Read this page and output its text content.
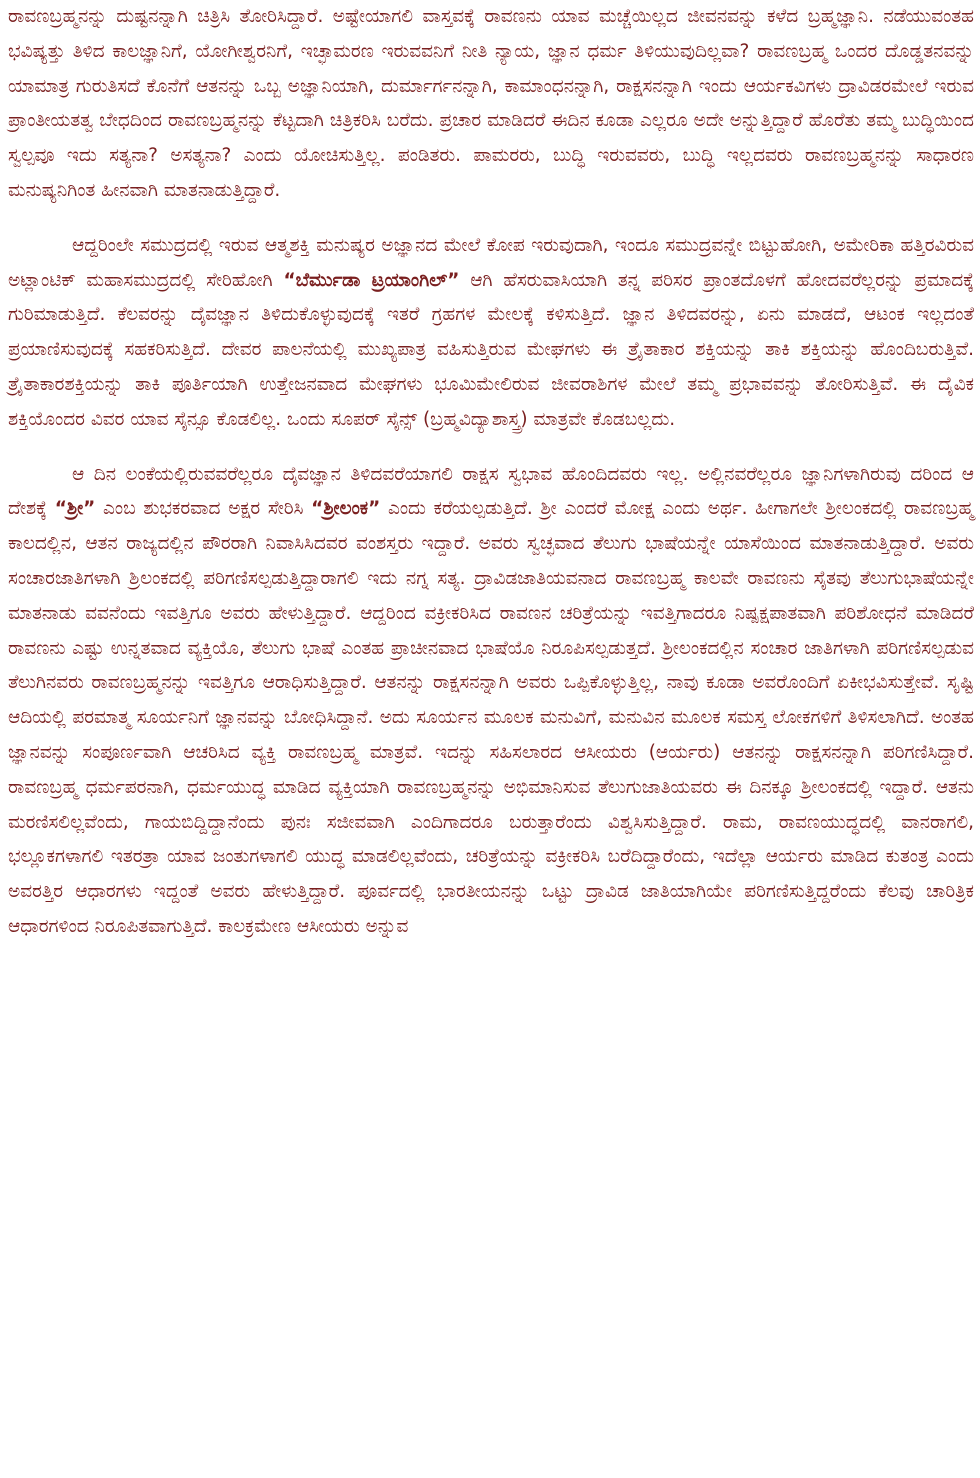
ರಾವಣಬ್ರಹ್ಮನನ್ನು ದುಷ್ಟನನ್ನಾಗಿ ಚಿತ್ರಿಸಿ ತೋರಿಸಿದ್ದಾರೆ. ಅಷ್ಟೇಯಾಗಲಿ ವಾಸ್ತವಕ್ಕೆ ರಾವಣನು ಯಾವ ಮಚ್ಚೆಯಿಲ್ಲದ ಜೀವನವನ್ನು ಕಳೆದ ಬ್ರಹ್ಮಜ್ಞಾನಿ. ನಡೆಯುವಂತಹ ಭವಿಷ್ಯತ್ತು ತಿಳಿದ ಕಾಲಜ್ಞಾನಿಗೆ, ಯೋಗೀಶ್ವರನಿಗೆ, ಇಚ್ಛಾಮರಣ ಇರುವವನಿಗೆ ನೀತಿ ನ್ಯಾಯ, ಜ್ಞಾನ ಧರ್ಮ ತಿಳಿಯುವುದಿಲ್ಲವಾ? ರಾವಣಬ್ರಹ್ಮ ಒಂದರ ದೊಡ್ಡತನವನ್ನು ಯಾಮಾತ್ರ ಗುರುತಿಸದೆ ಕೊನೆಗೆ ಆತನನ್ನು ಒಬ್ಬ ಅಜ್ಞಾನಿಯಾಗಿ, ದುರ್ಮಾರ್ಗನನ್ನಾಗಿ, ಕಾಮಾಂಧನನ್ನಾಗಿ, ರಾಕ್ಷಸನನ್ನಾಗಿ ಇಂದು ಆರ್ಯಕವಿಗಳು ದ್ರಾವಿಡರಮೇಲೆ ಇರುವ ಪ್ರಾಂತೀಯತತ್ವ ಬೇಧದಿಂದ ರಾವಣಬ್ರಹ್ಮನನ್ನು ಕೆಟ್ಟದಾಗಿ ಚಿತ್ರಿಕರಿಸಿ ಬರೆದು. ಪ್ರಚಾರ ಮಾಡಿದರೆ ಈದಿನ ಕೂಡಾ ಎಲ್ಲರೂ ಅದೇ ಅನ್ನುತ್ತಿದ್ದಾರೆ ಹೊರೆತು ತಮ್ಮ ಬುದ್ಧಿಯಿಂದ ಸ್ವಲ್ಪವೂ ಇದು ಸತ್ಯನಾ? ಅಸತ್ಯನಾ? ಎಂದು ಯೋಚಿಸುತ್ತಿಲ್ಲ. ಪಂಡಿತರು. ಪಾಮರರು, ಬುದ್ಧಿ ಇರುವವರು, ಬುದ್ಧಿ ಇಲ್ಲದವರು ರಾವಣಬ್ರಹ್ಮನನ್ನು ಸಾಧಾರಣ ಮನುಷ್ಯನಿಗಿಂತ ಹೀನವಾಗಿ ಮಾತನಾಡುತ್ತಿದ್ದಾರೆ.

ಆದ್ದರಿಂಲೇ ಸಮುದ್ರದಲ್ಲಿ ಇರುವ ಆತ್ಮಶಕ್ತಿ ಮನುಷ್ಯರ ಅಜ್ಞಾನದ ಮೇಲೆ ಕೋಪ ಇರುವುದಾಗಿ, ಇಂದೂ ಸಮುದ್ರವನ್ನೇ ಬಿಟ್ಟುಹೋಗಿ, ಅಮೇರಿಕಾ ಹತ್ತಿರವಿರುವ ಅಟ್ಲಾಂಟಿಕ್ ಮಹಾಸಮುದ್ರದಲ್ಲಿ ಸೇರಿಹೋಗಿ “ಬೆರ್ಮುಡಾ ಟ್ರಯಾಂಗಿಲ್” ಆಗಿ ಹೆಸರುವಾಸಿಯಾಗಿ ತನ್ನ ಪರಿಸರ ಪ್ರಾಂತದೊಳಗೆ ಹೋದವರೆಲ್ಲರನ್ನು ಪ್ರಮಾದಕ್ಕೆ ಗುರಿಮಾಡುತ್ತಿದೆ. ಕೆಲವರನ್ನು ದೈವಜ್ಞಾನ ತಿಳಿದುಕೊಳ್ಳುವುದಕ್ಕೆ ಇತರೆ ಗ್ರಹಗಳ ಮೇಲಕ್ಕೆ ಕಳಿಸುತ್ತಿದೆ. ಜ್ಞಾನ ತಿಳಿದವರನ್ನು, ಏನು ಮಾಡದೆ, ಆಟಂಕ ಇಲ್ಲದಂತೆ ಪ್ರಯಾಣಿಸುವುದಕ್ಕೆ ಸಹಕರಿಸುತ್ತಿದೆ. ದೇವರ ಪಾಲನೆಯಲ್ಲಿ ಮುಖ್ಯಪಾತ್ರ ವಹಿಸುತ್ತಿರುವ ಮೇಘಗಳು ಈ ತ್ರೈತಾಕಾರ ಶಕ್ತಿಯನ್ನು ತಾಕಿ ಶಕ್ತಿಯನ್ನು ಹೊಂದಿಬರುತ್ತಿವೆ. ತ್ರೈತಾಕಾರಶಕ್ತಿಯನ್ನು ತಾಕಿ ಪೂರ್ತಿಯಾಗಿ ಉತ್ತೇಜನವಾದ ಮೇಘಗಳು ಭೂಮಿಮೇಲಿರುವ ಜೀವರಾಶಿಗಳ ಮೇಲೆ ತಮ್ಮ ಪ್ರಭಾವವನ್ನು ತೋರಿಸುತ್ತಿವೆ. ಈ ದೈವಿಕ ಶಕ್ತಿಯೊಂದರ ವಿವರ ಯಾವ ಸೈನ್ಸೂ ಕೊಡಲಿಲ್ಲ. ಒಂದು ಸೂಪರ್ ಸೈನ್ಸ್ (ಬ್ರಹ್ಮವಿದ್ಯಾಶಾಸ್ತ್ರ) ಮಾತ್ರವೇ ಕೊಡಬಲ್ಲದು.

ಆ ದಿನ ಲಂಕೆಯಲ್ಲಿರುವವರೆಲ್ಲರೂ ದೈವಜ್ಞಾನ ತಿಳಿದವರೆಯಾಗಲಿ ರಾಕ್ಷಸ ಸ್ವಭಾವ ಹೊಂದಿದವರು ಇಲ್ಲ. ಅಲ್ಲಿನವರೆಲ್ಲರೂ ಜ್ಞಾನಿಗಳಾಗಿರುವು ದರಿಂದ ಆ ದೇಶಕ್ಕೆ “ಶ್ರೀ” ಎಂಬ ಶುಭಕರವಾದ ಅಕ್ಷರ ಸೇರಿಸಿ “ಶ್ರೀಲಂಕ” ಎಂದು ಕರೆಯಲ್ಪಡುತ್ತಿದೆ. ಶ್ರೀ ಎಂದರೆ ಮೋಕ್ಷ ಎಂದು ಅರ್ಥ. ಹೀಗಾಗಲೇ ಶ್ರೀಲಂಕದಲ್ಲಿ ರಾವಣಬ್ರಹ್ಮ ಕಾಲದಲ್ಲಿನ, ಆತನ ರಾಜ್ಯದಲ್ಲಿನ ಪೌರರಾಗಿ ನಿವಾಸಿಸಿದವರ ವಂಶಸ್ತರು ಇದ್ದಾರೆ. ಅವರು ಸ್ವಚ್ಛವಾದ ತೆಲುಗು ಭಾಷೆಯನ್ನೇ ಯಾಸೆಯಿಂದ ಮಾತನಾಡುತ್ತಿದ್ದಾರೆ. ಅವರು ಸಂಚಾರಜಾತಿಗಳಾಗಿ ಶ್ರಿಲಂಕದಲ್ಲಿ ಪರಿಗಣಿಸಲ್ಪಡುತ್ತಿದ್ದಾರಾಗಲಿ ಇದು ನಗ್ನ ಸತ್ಯ. ದ್ರಾವಿಡಜಾತಿಯವನಾದ ರಾವಣಬ್ರಹ್ಮ ಕಾಲವೇ ರಾವಣನು ಸೈತವು ತೆಲುಗುಭಾಷೆಯನ್ನೇ ಮಾತನಾಡು ವವನೆಂದು ಇವತ್ತಿಗೂ ಅವರು ಹೇಳುತ್ತಿದ್ದಾರೆ. ಆದ್ದರಿಂದ ವಕ್ರೀಕರಿಸಿದ ರಾವಣನ ಚರಿತ್ರೆಯನ್ನು ಇವತ್ತಿಗಾದರೂ ನಿಷ್ಪಕ್ಷಪಾತವಾಗಿ ಪರಿಶೋಧನೆ ಮಾಡಿದರೆ ರಾವಣನು ಎಷ್ಟು ಉನ್ನತವಾದ ವ್ಯಕ್ತಿಯೊ, ತೆಲುಗು ಭಾಷೆ ಎಂತಹ ಪ್ರಾಚೀನವಾದ ಭಾಷೆಯೊ ನಿರೂಪಿಸಲ್ಪಡುತ್ತದೆ. ಶ್ರೀಲಂಕದಲ್ಲಿನ ಸಂಚಾರ ಜಾತಿಗಳಾಗಿ ಪರಿಗಣಿಸಲ್ಪಡುವ ತೆಲುಗಿನವರು ರಾವಣಬ್ರಹ್ಮನನ್ನು ಇವತ್ತಿಗೂ ಆರಾಧಿಸುತ್ತಿದ್ದಾರೆ. ಆತನನ್ನು ರಾಕ್ಷಸನನ್ನಾಗಿ ಅವರು ಒಪ್ಪಿಕೊಳ್ಳುತ್ತಿಲ್ಲ, ನಾವು ಕೂಡಾ ಅವರೊಂದಿಗೆ ಏಕೀಭವಿಸುತ್ತೇವೆ. ಸೃಷ್ಟಿ ಆದಿಯಲ್ಲಿ ಪರಮಾತ್ಮ ಸೂರ್ಯನಿಗೆ ಜ್ಞಾನವನ್ನು ಬೋಧಿಸಿದ್ದಾನೆ. ಅದು ಸೂರ್ಯನ ಮೂಲಕ ಮನುವಿಗೆ, ಮನುವಿನ ಮೂಲಕ ಸಮಸ್ತ ಲೋಕಗಳಿಗೆ ತಿಳಿಸಲಾಗಿದೆ. ಅಂತಹ ಜ್ಞಾನವನ್ನು ಸಂಪೂರ್ಣವಾಗಿ ಆಚರಿಸಿದ ವ್ಯಕ್ತಿ ರಾವಣಬ್ರಹ್ಮ ಮಾತ್ರವೆ. ಇದನ್ನು ಸಹಿಸಲಾರದ ಆಸೀಯರು (ಆರ್ಯರು) ಆತನನ್ನು ರಾಕ್ಷಸನನ್ನಾಗಿ ಪರಿಗಣಿಸಿದ್ದಾರೆ. ರಾವಣಬ್ರಹ್ಮ ಧರ್ಮಪರನಾಗಿ, ಧರ್ಮಯುದ್ಧ ಮಾಡಿದ ವ್ಯಕ್ತಿಯಾಗಿ ರಾವಣಬ್ರಹ್ಮನನ್ನು ಅಭಿಮಾನಿಸುವ ತೆಲುಗುಜಾತಿಯವರು ಈ ದಿನಕ್ಕೂ ಶ್ರೀಲಂಕದಲ್ಲಿ ಇದ್ದಾರೆ. ಆತನು ಮರಣಿಸಲಿಲ್ಲವೆಂದು, ಗಾಯಬಿದ್ದಿದ್ದಾನೆಂದು ಪುನಃ ಸಜೀವವಾಗಿ ಎಂದಿಗಾದರೂ ಬರುತ್ತಾರೆಂದು ವಿಶ್ವಸಿಸುತ್ತಿದ್ದಾರೆ. ರಾಮ, ರಾವಣಯುದ್ಧದಲ್ಲಿ ವಾನರಾಗಲಿ, ಭಲ್ಲೂಕಗಳಾಗಲಿ ಇತರತ್ರಾ ಯಾವ ಜಂತುಗಳಾಗಲಿ ಯುದ್ಧ ಮಾಡಲಿಲ್ಲವೆಂದು, ಚರಿತ್ರೆಯನ್ನು ವಕ್ರೀಕರಿಸಿ ಬರೆದಿದ್ದಾರೆಂದು, ಇದೆಲ್ಲಾ ಆರ್ಯರು ಮಾಡಿದ ಕುತಂತ್ರ ಎಂದು ಅವರತ್ತಿರ ಆಧಾರಗಳು ಇದ್ದಂತೆ ಅವರು ಹೇಳುತ್ತಿದ್ದಾರೆ. ಪೂರ್ವದಲ್ಲಿ ಭಾರತೀಯನನ್ನು ಒಟ್ಟು ದ್ರಾವಿಡ ಜಾತಿಯಾಗಿಯೇ ಪರಿಗಣಿಸುತ್ತಿದ್ದರೆಂದು ಕೆಲವು ಚಾರಿತ್ರಿಕ ಆಧಾರಗಳಿಂದ ನಿರೂಪಿತವಾಗುತ್ತಿದೆ. ಕಾಲಕ್ರಮೇಣ ಆಸೀಯರು ಅನ್ನುವ
